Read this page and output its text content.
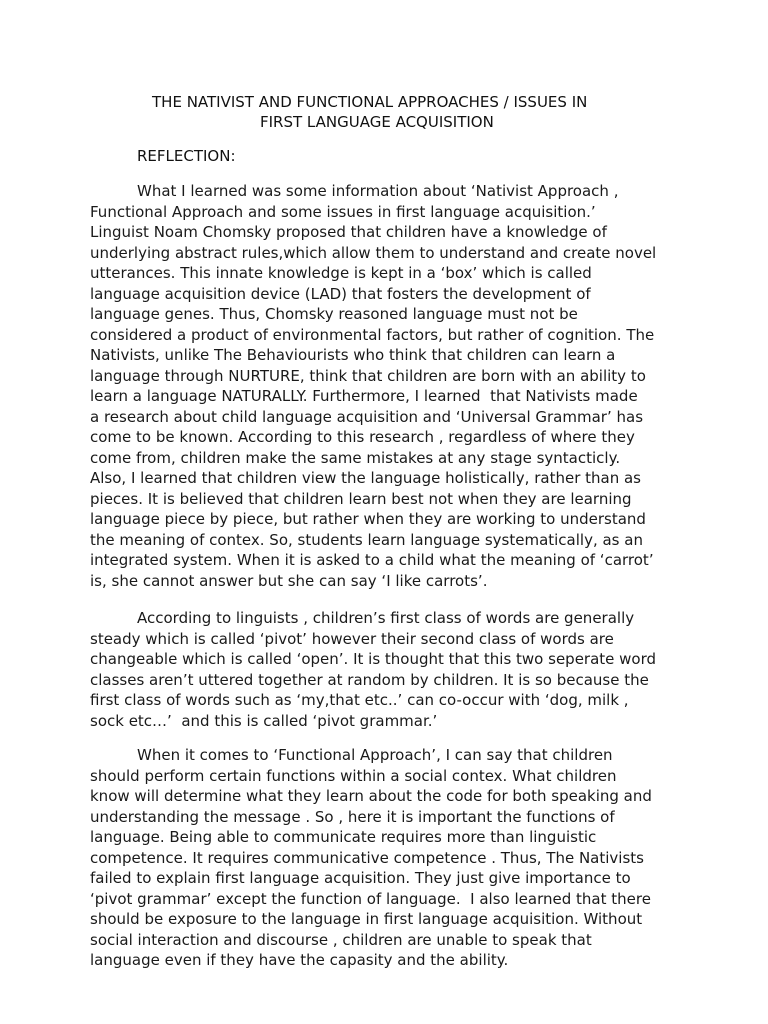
THE NATIVIST AND FUNCTIONAL APPROACHES / ISSUES IN
FIRST LANGUAGE ACQUISITION
REFLECTION:
What I learned was some information about ‘Nativist Approach ,
Functional Approach and some issues in first language acquisition.’
Linguist Noam Chomsky proposed that children have a knowledge of
underlying abstract rules,which allow them to understand and create novel
utterances. This innate knowledge is kept in a ‘box’ which is called
language acquisition device (LAD) that fosters the development of
language genes. Thus, Chomsky reasoned language must not be
considered a product of environmental factors, but rather of cognition. The
Nativists, unlike The Behaviourists who think that children can learn a
language through NURTURE, think that children are born with an ability to
learn a language NATURALLY. Furthermore, I learned  that Nativists made
a research about child language acquisition and ‘Universal Grammar’ has
come to be known. According to this research , regardless of where they
come from, children make the same mistakes at any stage syntacticly.
Also, I learned that children view the language holistically, rather than as
pieces. It is believed that children learn best not when they are learning
language piece by piece, but rather when they are working to understand
the meaning of contex. So, students learn language systematically, as an
integrated system. When it is asked to a child what the meaning of ‘carrot’
is, she cannot answer but she can say ‘I like carrots’.
According to linguists , children’s first class of words are generally
steady which is called ‘pivot’ however their second class of words are
changeable which is called ‘open’. It is thought that this two seperate word
classes aren’t uttered together at random by children. It is so because the
first class of words such as ‘my,that etc..’ can co-occur with ‘dog, milk ,
sock etc…’  and this is called ‘pivot grammar.’
When it comes to ‘Functional Approach’, I can say that children
should perform certain functions within a social contex. What children
know will determine what they learn about the code for both speaking and
understanding the message . So , here it is important the functions of
language. Being able to communicate requires more than linguistic
competence. It requires communicative competence . Thus, The Nativists
failed to explain first language acquisition. They just give importance to
‘pivot grammar’ except the function of language.  I also learned that there
should be exposure to the language in first language acquisition. Without
social interaction and discourse , children are unable to speak that
language even if they have the capasity and the ability.
